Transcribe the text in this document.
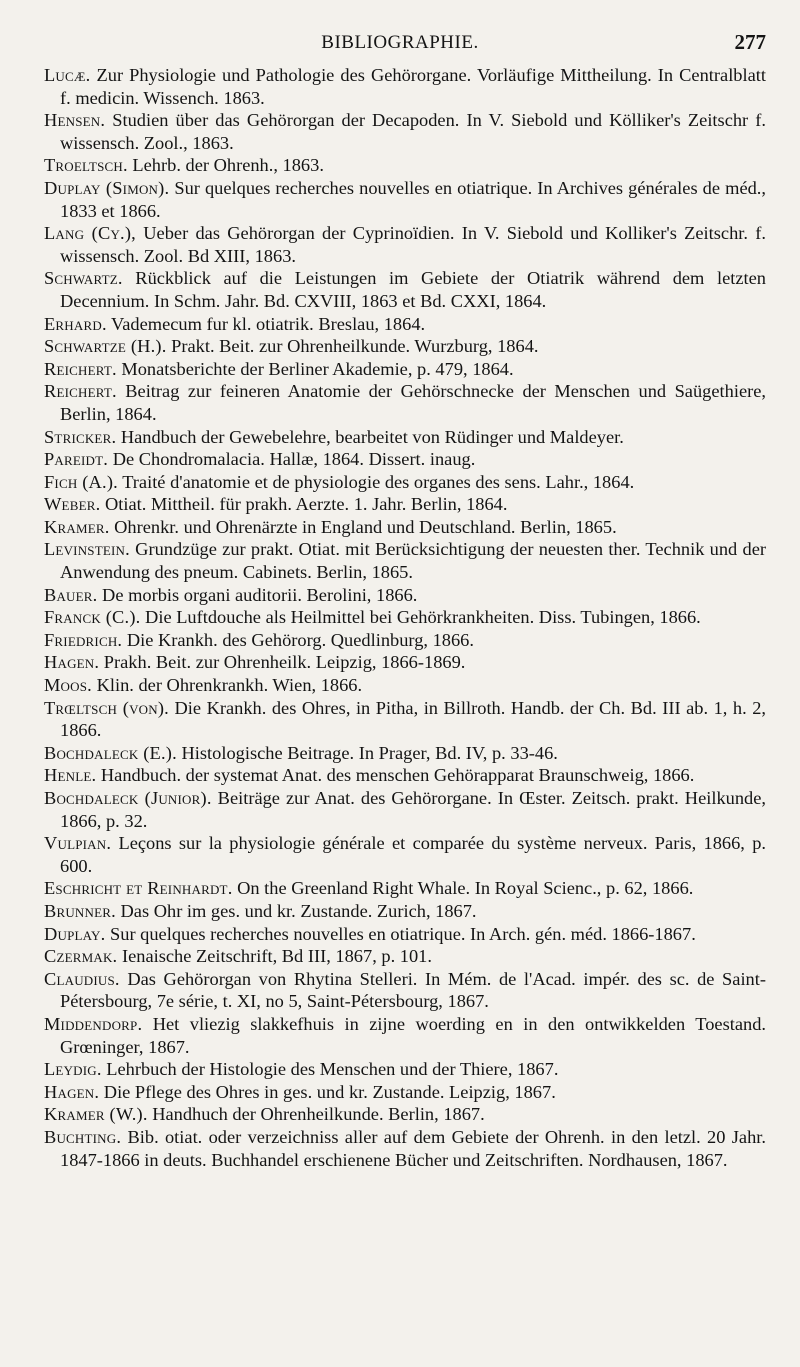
BIBLIOGRAPHIE.	277
Lucæ. Zur Physiologie und Pathologie des Gehörorgane. Vorläufige Mittheilung. In Centralblatt f. medicin. Wissench. 1863.
Hensen. Studien über das Gehörorgan der Decapoden. In V. Siebold und Kölliker's Zeitschr f. wissensch. Zool., 1863.
Troeltsch. Lehrb. der Ohrenh., 1863.
Duplay (Simon). Sur quelques recherches nouvelles en otiatrique. In Archives générales de méd., 1833 et 1866.
Lang (Cy.), Ueber das Gehörorgan der Cyprinoïdien. In V. Siebold und Kolliker's Zeitschr. f. wissensch. Zool. Bd XIII, 1863.
Schwartz. Rückblick auf die Leistungen im Gebiete der Otiatrik während dem letzten Decennium. In Schm. Jahr. Bd. CXVIII, 1863 et Bd. CXXI, 1864.
Erhard. Vademecum fur kl. otiatrik. Breslau, 1864.
Schwartze (H.). Prakt. Beit. zur Ohrenheilkunde. Wurzburg, 1864.
Reichert. Monatsberichte der Berliner Akademie, p. 479, 1864.
Reichert. Beitrag zur feineren Anatomie der Gehörschnecke der Menschen und Saügethiere, Berlin, 1864.
Stricker. Handbuch der Gewebelehre, bearbeitet von Rüdinger und Maldeyer.
Pareidt. De Chondromalacia. Hallæ, 1864. Dissert. inaug.
Fich (A.). Traité d'anatomie et de physiologie des organes des sens. Lahr., 1864.
Weber. Otiat. Mittheil. für prakh. Aerzte. 1. Jahr. Berlin, 1864.
Kramer. Ohrenkr. und Ohrenärzte in England und Deutschland. Berlin, 1865.
Levinstein. Grundzüge zur prakt. Otiat. mit Berücksichtigung der neuesten ther. Technik und der Anwendung des pneum. Cabinets. Berlin, 1865.
Bauer. De morbis organi auditorii. Berolini, 1866.
Franck (C.). Die Luftdouche als Heilmittel bei Gehörkrankheiten. Diss. Tubingen, 1866.
Friedrich. Die Krankh. des Gehörorg. Quedlinburg, 1866.
Hagen. Prakh. Beit. zur Ohrenheilk. Leipzig, 1866-1869.
Moos. Klin. der Ohrenkrankh. Wien, 1866.
Trœltsch (von). Die Krankh. des Ohres, in Pitha, in Billroth. Handb. der Ch. Bd. III ab. 1, h. 2, 1866.
Bochdaleck (E.). Histologische Beitrage. In Prager, Bd. IV, p. 33-46.
Henle. Handbuch. der systemat Anat. des menschen Gehörapparat Braunschweig, 1866.
Bochdaleck (Junior). Beiträge zur Anat. des Gehörorgane. In Œster. Zeitsch. prakt. Heilkunde, 1866, p. 32.
Vulpian. Leçons sur la physiologie générale et comparée du système nerveux. Paris, 1866, p. 600.
Eschricht et Reinhardt. On the Greenland Right Whale. In Royal Scienc., p. 62, 1866.
Brunner. Das Ohr im ges. und kr. Zustande. Zurich, 1867.
Duplay. Sur quelques recherches nouvelles en otiatrique. In Arch. gén. méd. 1866-1867.
Czermak. Ienaische Zeitschrift, Bd III, 1867, p. 101.
Claudius. Das Gehörorgan von Rhytina Stelleri. In Mém. de l'Acad. impér. des sc. de Saint-Pétersbourg, 7e série, t. XI, no 5, Saint-Pétersbourg, 1867.
Middendorp. Het vliezig slakkefhuis in zijne woerding en in den ontwikkelden Toestand. Grœninger, 1867.
Leydig. Lehrbuch der Histologie des Menschen und der Thiere, 1867.
Hagen. Die Pflege des Ohres in ges. und kr. Zustande. Leipzig, 1867.
Kramer (W.). Handhuch der Ohrenheilkunde. Berlin, 1867.
Buchting. Bib. otiat. oder verzeichniss aller auf dem Gebiete der Ohrenh. in den letzl. 20 Jahr. 1847-1866 in deuts. Buchhandel erschienene Bücher und Zeitschriften. Nordhausen, 1867.
